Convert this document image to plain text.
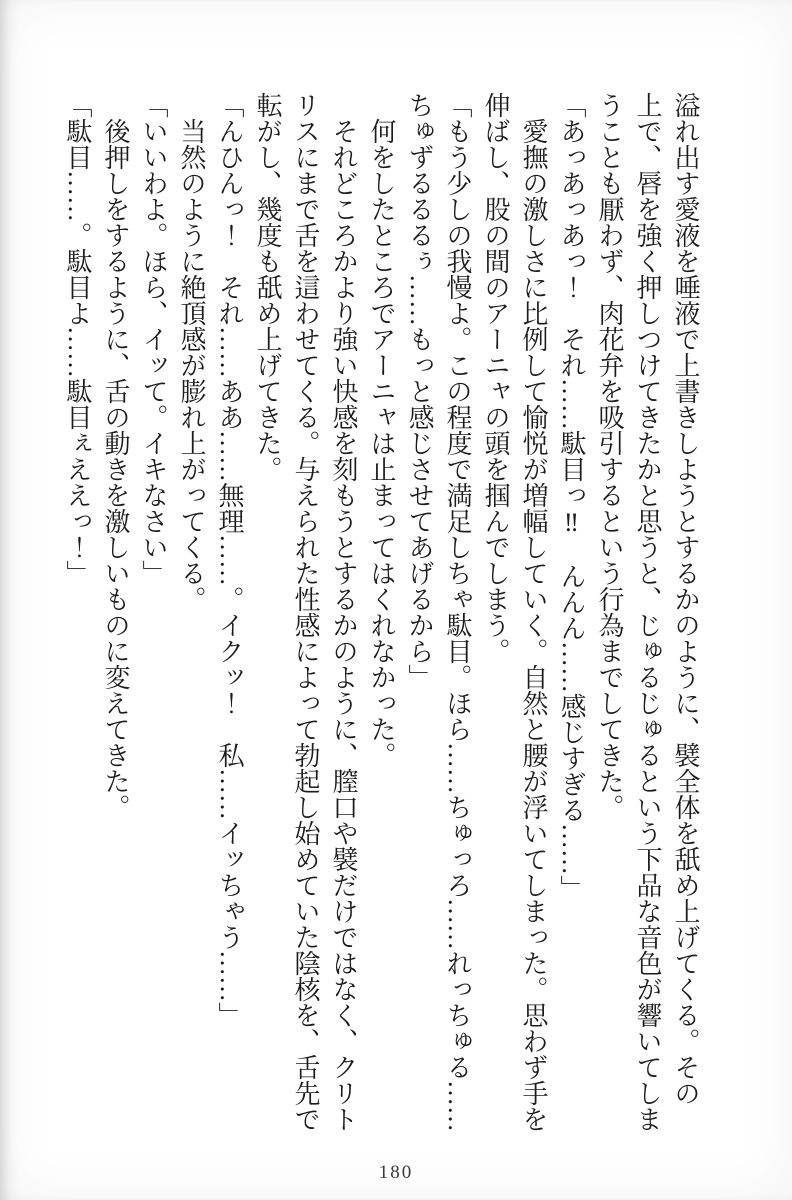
溢れ出す愛液を唾液で上書きしようとするかのように、襞全体を舐め上げてくる。その
上で、唇を強く押しつけてきたかと思うと、じゅるじゅるという下品な音色が響いてしま
うことも厭わず、肉花弁を吸引するという行為までしてきた。
「あっあっあっ！　それ……駄目っ‼　んんん……感じすぎる……」
愛撫の激しさに比例して愉悦が増幅していく。自然と腰が浮いてしまった。思わず手を
伸ばし、股の間のアーニャの頭を掴んでしまう。
「もう少しの我慢よ。この程度で満足しちゃ駄目。ほら……ちゅっろ……れっちゅる……
ちゅずるるるぅ……もっと感じさせてあげるから」
何をしたところでアーニャは止まってはくれなかった。
それどころかより強い快感を刻もうとするかのように、膣口や襞だけではなく、クリト
リスにまで舌を這わせてくる。与えられた性感によって勃起し始めていた陰核を、舌先で
転がし、幾度も舐め上げてきた。
「んひんっ！　それ……ああ……無理……。イクッ！　私……イッちゃう……」
当然のように絶頂感が膨れ上がってくる。
「いいわよ。ほら、イッて。イキなさい」
後押しをするように、舌の動きを激しいものに変えてきた。
「駄目……。駄目よ……駄目ぇええっ！」
180
